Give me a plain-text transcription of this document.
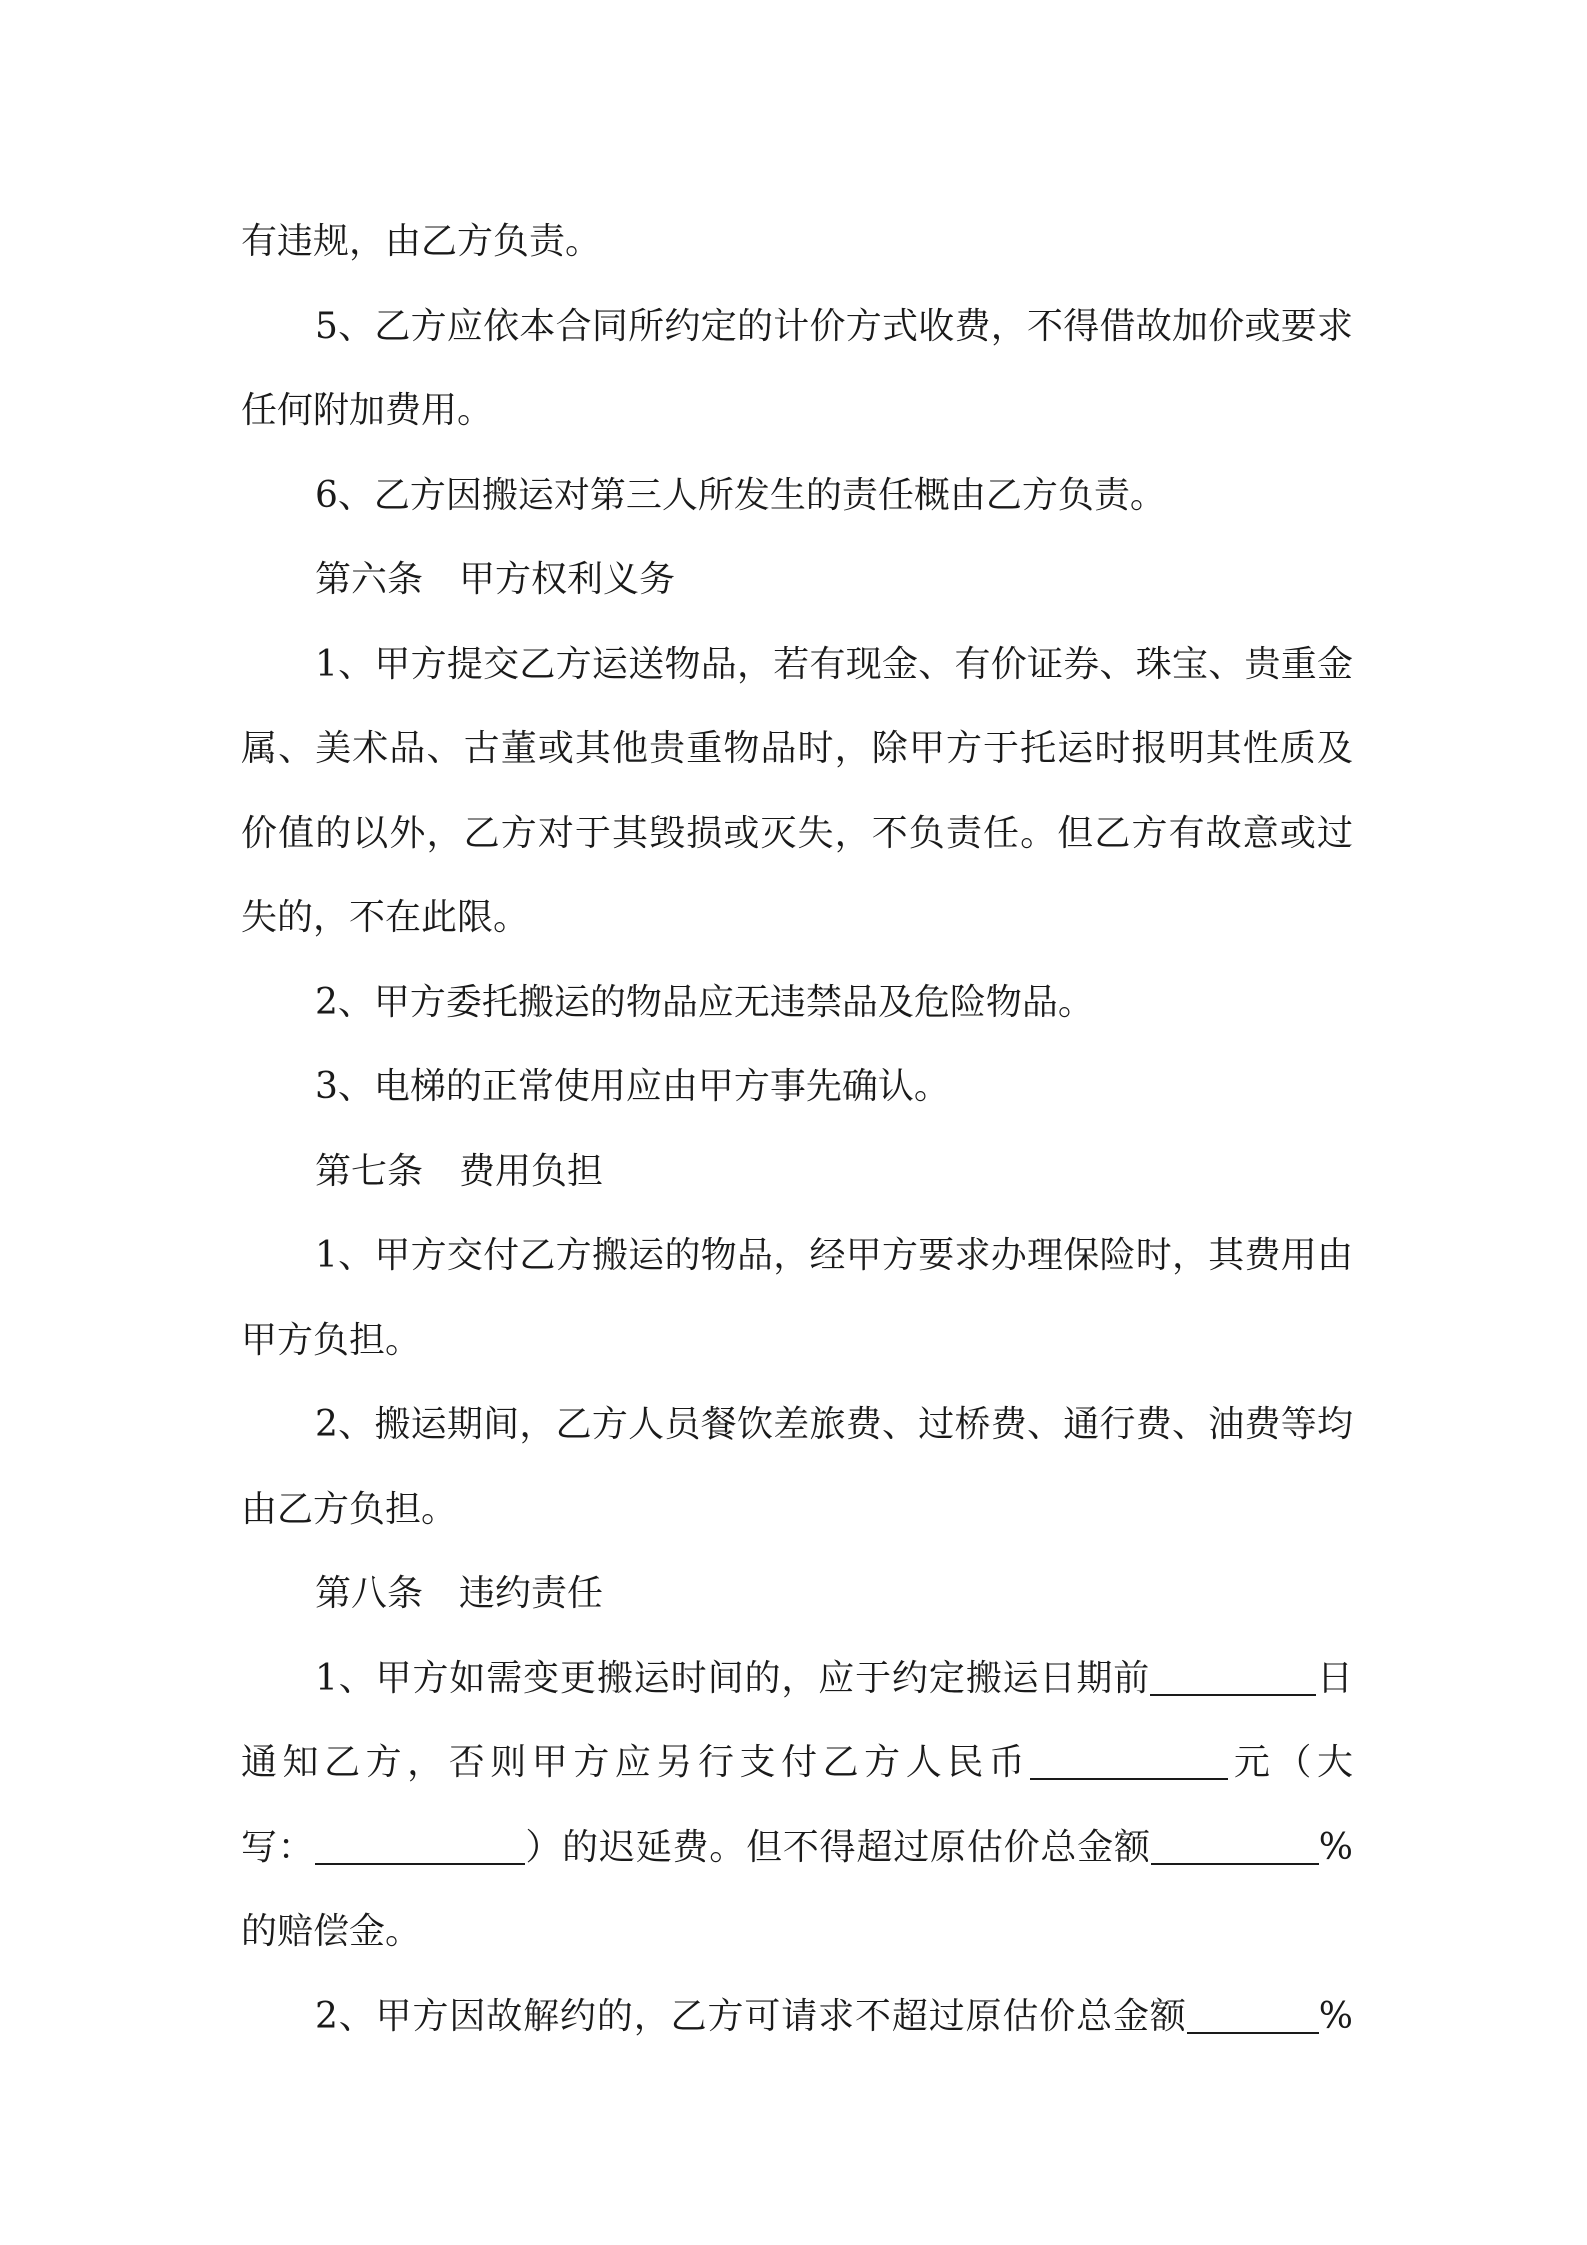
有违规，由乙方负责。

5、乙方应依本合同所约定的计价方式收费，不得借故加价或要求任何附加费用。

6、乙方因搬运对第三人所发生的责任概由乙方负责。

第六条 甲方权利义务

1、甲方提交乙方运送物品，若有现金、有价证券、珠宝、贵重金属、美术品、古董或其他贵重物品时，除甲方于托运时报明其性质及价值的以外，乙方对于其毁损或灭失，不负责任。但乙方有故意或过失的，不在此限。

2、甲方委托搬运的物品应无违禁品及危险物品。

3、电梯的正常使用应由甲方事先确认。

第七条 费用负担

1、甲方交付乙方搬运的物品，经甲方要求办理保险时，其费用由甲方负担。

2、搬运期间，乙方人员餐饮差旅费、过桥费、通行费、油费等均由乙方负担。

第八条 违约责任

1、甲方如需变更搬运时间的，应于约定搬运日期前	日

通知乙方，否则甲方应另行支付乙方人民币	元（大

写：	）的迟延费。但不得超过原估价总金额	%

的赔偿金。

2、甲方因故解约的，乙方可请求不超过原估价总金额	%
